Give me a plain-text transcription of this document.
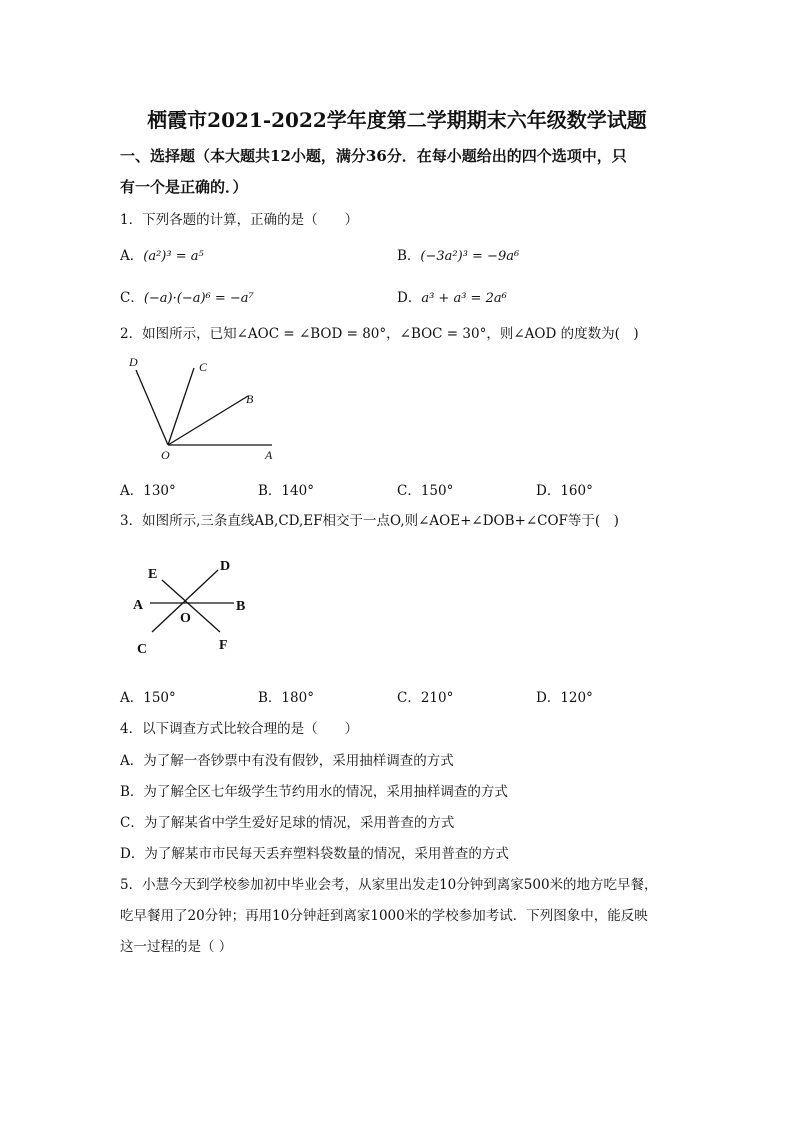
栖霞市2021-2022学年度第二学期期末六年级数学试题
一、选择题（本大题共12小题，满分36分．在每小题给出的四个选项中，只
有一个是正确的．）
1．下列各题的计算，正确的是（　　）
A．(a²)³ = a⁵	B．(−3a²)³ = −9a⁶
C．(−a)·(−a)⁶ = −a⁷	D．a³ + a³ = 2a⁶
2．如图所示，已知∠AOC = ∠BOD = 80°，∠BOC = 30°，则∠AOD 的度数为(　)
D	C
B
O	A
A．130°	B．140°	C．150°	D．160°
3．如图所示,三条直线AB,CD,EF相交于一点O,则∠AOE+∠DOB+∠COF等于(　)
E
D
A
O
B
C	F
A．150°	B．180°	C．210°	D．120°
4．以下调查方式比较合理的是（　　）
A．为了解一沓钞票中有没有假钞，采用抽样调查的方式
B．为了解全区七年级学生节约用水的情况，采用抽样调查的方式
C．为了解某省中学生爱好足球的情况，采用普查的方式
D．为了解某市市民每天丢弃塑料袋数量的情况，采用普查的方式
5．小慧今天到学校参加初中毕业会考，从家里出发走10分钟到离家500米的地方吃早餐，
吃早餐用了20分钟；再用10分钟赶到离家1000米的学校参加考试．下列图象中，能反映
这一过程的是（ ）
